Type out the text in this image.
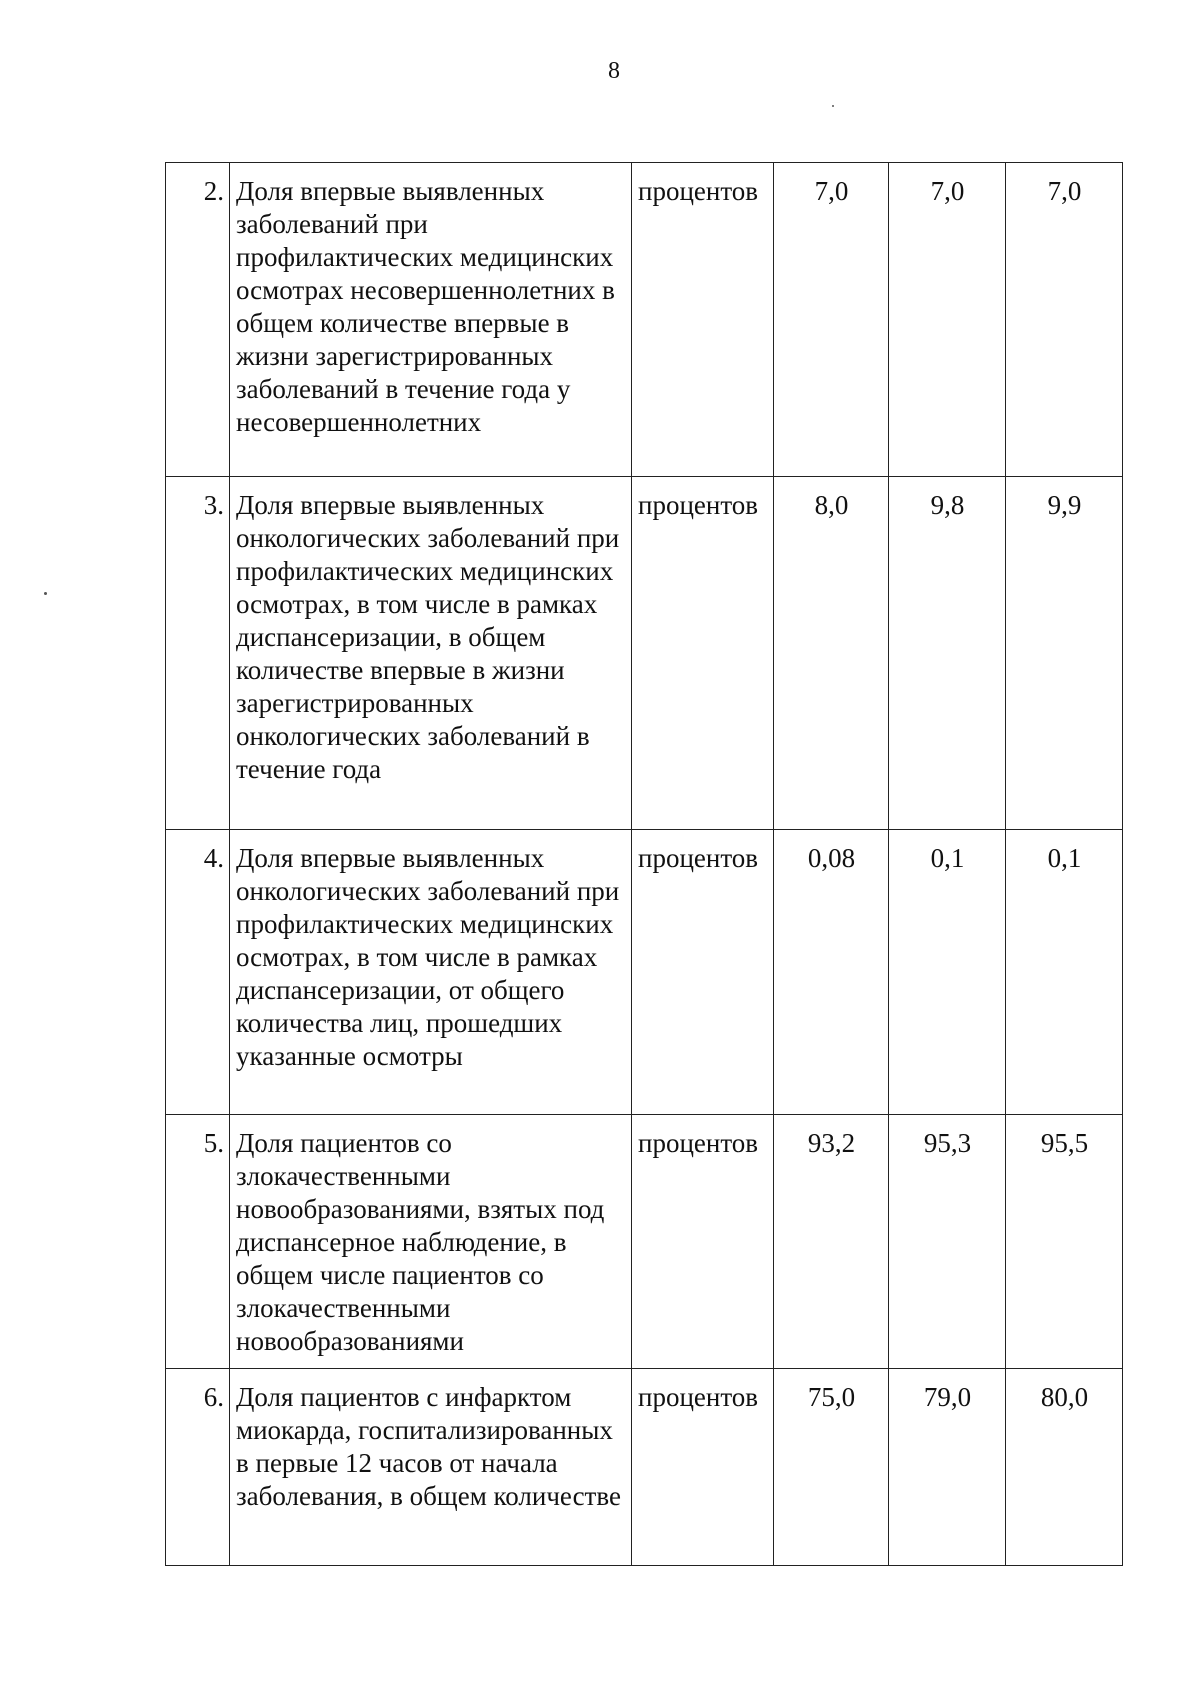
8
2.	Доля впервые выявленных заболеваний при профилактических медицинских осмотрах несовершеннолетних в общем количестве впервые в жизни зарегистрированных заболеваний в течение года у несовершеннолетних	процентов	7,0	7,0	7,0
3.	Доля впервые выявленных онкологических заболеваний при профилактических медицинских осмотрах, в том числе в рамках диспансеризации, в общем количестве впервые в жизни зарегистрированных онкологических заболеваний в течение года	процентов	8,0	9,8	9,9
4.	Доля впервые выявленных онкологических заболеваний при профилактических медицинских осмотрах, в том числе в рамках диспансеризации, от общего количества лиц, прошедших указанные осмотры	процентов	0,08	0,1	0,1
5.	Доля пациентов со злокачественными новообразованиями, взятых под диспансерное наблюдение, в общем числе пациентов со злокачественными новообразованиями	процентов	93,2	95,3	95,5
6.	Доля пациентов с инфарктом миокарда, госпитализированных в первые 12 часов от начала заболевания, в общем количестве	процентов	75,0	79,0	80,0
